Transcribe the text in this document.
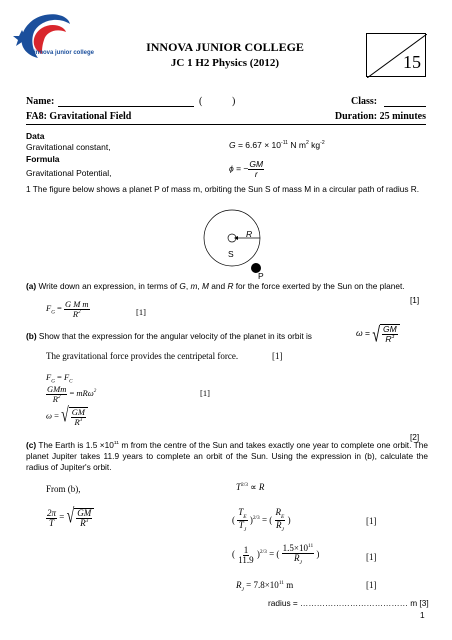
innova junior college	INNOVA JUNIOR COLLEGE
JC 1 H2 Physics (2012)	15
Name:	(	)	Class:
FA8: Gravitational Field	Duration: 25 minutes
Data
Gravitational constant,	$G = 6.67 \times 10^{-11}$ N $m^2$ $kg^{-2}$
Formula
Gravitational Potential,	ϕ = − $\frac{GM}{r}$
1 The figure below shows a planet P of mass m, orbiting the Sun S of mass M in a circular path of radius R.
R
S
P
(a) Write down an expression, in terms of G, m, M and R for the force exerted by the Sun on the planet.
[1]
$F_G = \frac{\text{G M m}}{R^2}$	[1]
(b) Show that the expression for the angular velocity of the planet in its orbit is	ω = √ $\frac{GM}{R^3}$
The gravitational force provides the centripetal force.	[1]
$F_G = F_C$
$\frac{\text{GMm}}{R^2} = mR\omega^2$
ω = √ $\frac{GM}{R^3}$
[1]
[2]
(c) The Earth is $1.5 \times 10^{11}$ m from the centre of the Sun and takes exactly one year to complete one orbit. The planet Jupiter takes 11.9 years to complete an orbit of the Sun. Using the expression in (b), calculate the radius of Jupiter's orbit.
From (b),
$\frac{2\pi}{T}$ = √ $\frac{GM}{R^3}$
$T^{2/3} \propto R$
( $\frac{T_E}{T_J} )^{2/3}$ = ( $\frac{R_E}{R_J}$ )	[1]
( $\frac{1}{11.9} )^{2/3}$ = ( $\frac{1.5\times 10^{11}}{R_J}$ )	[1]
$R_J = 7.8\times 10^{11}$ m	[1]
radius = ………………………………… m [3]
1
